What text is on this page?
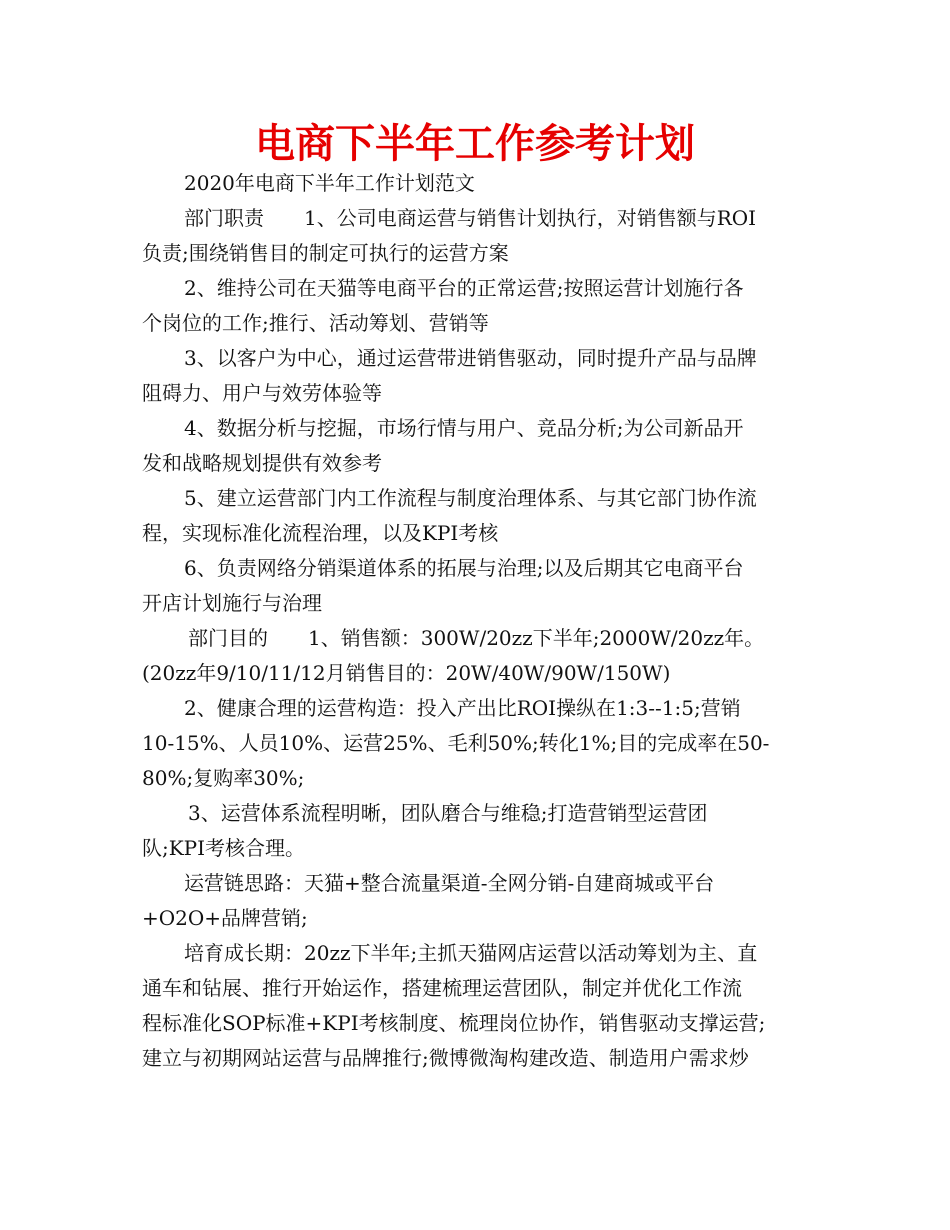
电商下半年工作参考计划

2020年电商下半年工作计划范文

部门职责 1、公司电商运营与销售计划执行，对销售额与ROI

负责;围绕销售目的制定可执行的运营方案

2、维持公司在天猫等电商平台的正常运营;按照运营计划施行各

个岗位的工作;推行、活动筹划、营销等

3、以客户为中心，通过运营带进销售驱动，同时提升产品与品牌

阻碍力、用户与效劳体验等

4、数据分析与挖掘，市场行情与用户、竞品分析;为公司新品开

发和战略规划提供有效参考

5、建立运营部门内工作流程与制度治理体系、与其它部门协作流

程，实现标准化流程治理，以及KPI考核

6、负责网络分销渠道体系的拓展与治理;以及后期其它电商平台

开店计划施行与治理

部门目的 1、销售额：300W/20zz下半年;2000W/20zz年。

(20zz年9/10/11/12月销售目的：20W/40W/90W/150W)

2、健康合理的运营构造：投入产出比ROI操纵在1:3--1:5;营销

10-15%、人员10%、运营25%、毛利50%;转化1%;目的完成率在50-

80%;复购率30%;

3、运营体系流程明晰，团队磨合与维稳;打造营销型运营团

队;KPI考核合理。

运营链思路：天猫+整合流量渠道-全网分销-自建商城或平台

+O2O+品牌营销;

培育成长期：20zz下半年;主抓天猫网店运营以活动筹划为主、直

通车和钻展、推行开始运作，搭建梳理运营团队，制定并优化工作流

程标准化SOP标准+KPI考核制度、梳理岗位协作，销售驱动支撑运营;

建立与初期网站运营与品牌推行;微博微淘构建改造、制造用户需求炒
